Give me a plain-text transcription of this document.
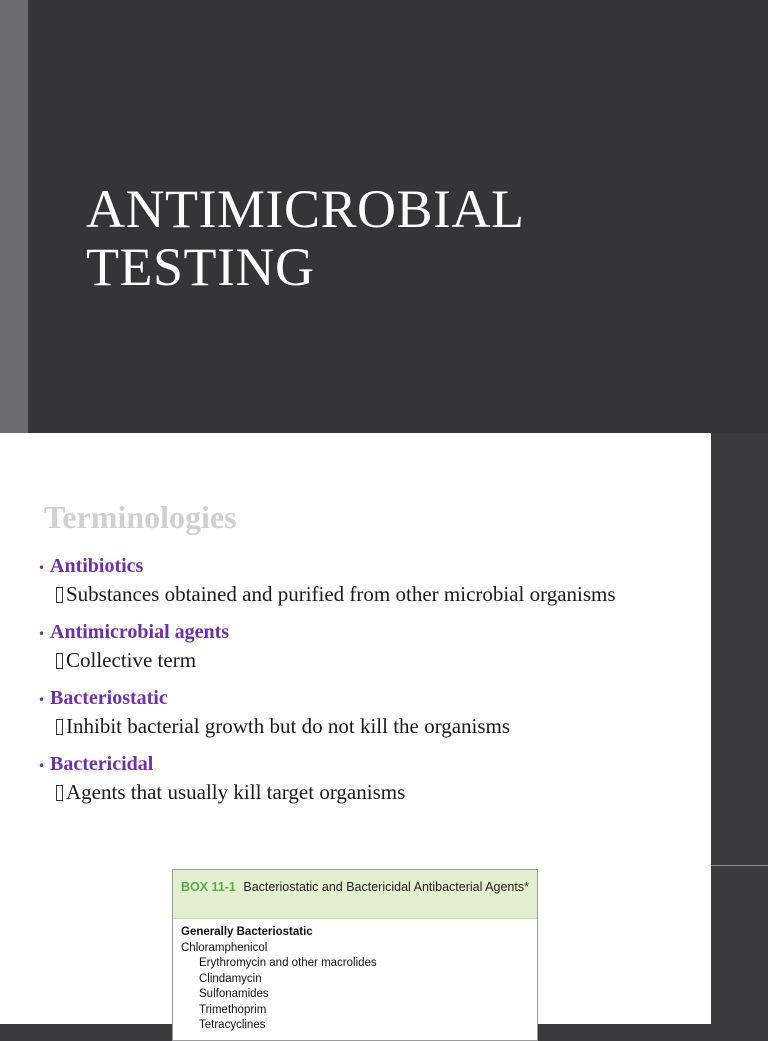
ANTIMICROBIAL
TESTING
Terminologies
• Antibiotics
Substances obtained and purified from other microbial organisms
• Antimicrobial agents
Collective term
• Bacteriostatic
Inhibit bacterial growth but do not kill the organisms
• Bactericidal
Agents that usually kill target organisms
BOX 11-1 Bacteriostatic and Bactericidal Antibacterial Agents*
Generally Bacteriostatic
Chloramphenicol
Erythromycin and other macrolides
Clindamycin
Sulfonamides
Trimethoprim
Tetracyclines
